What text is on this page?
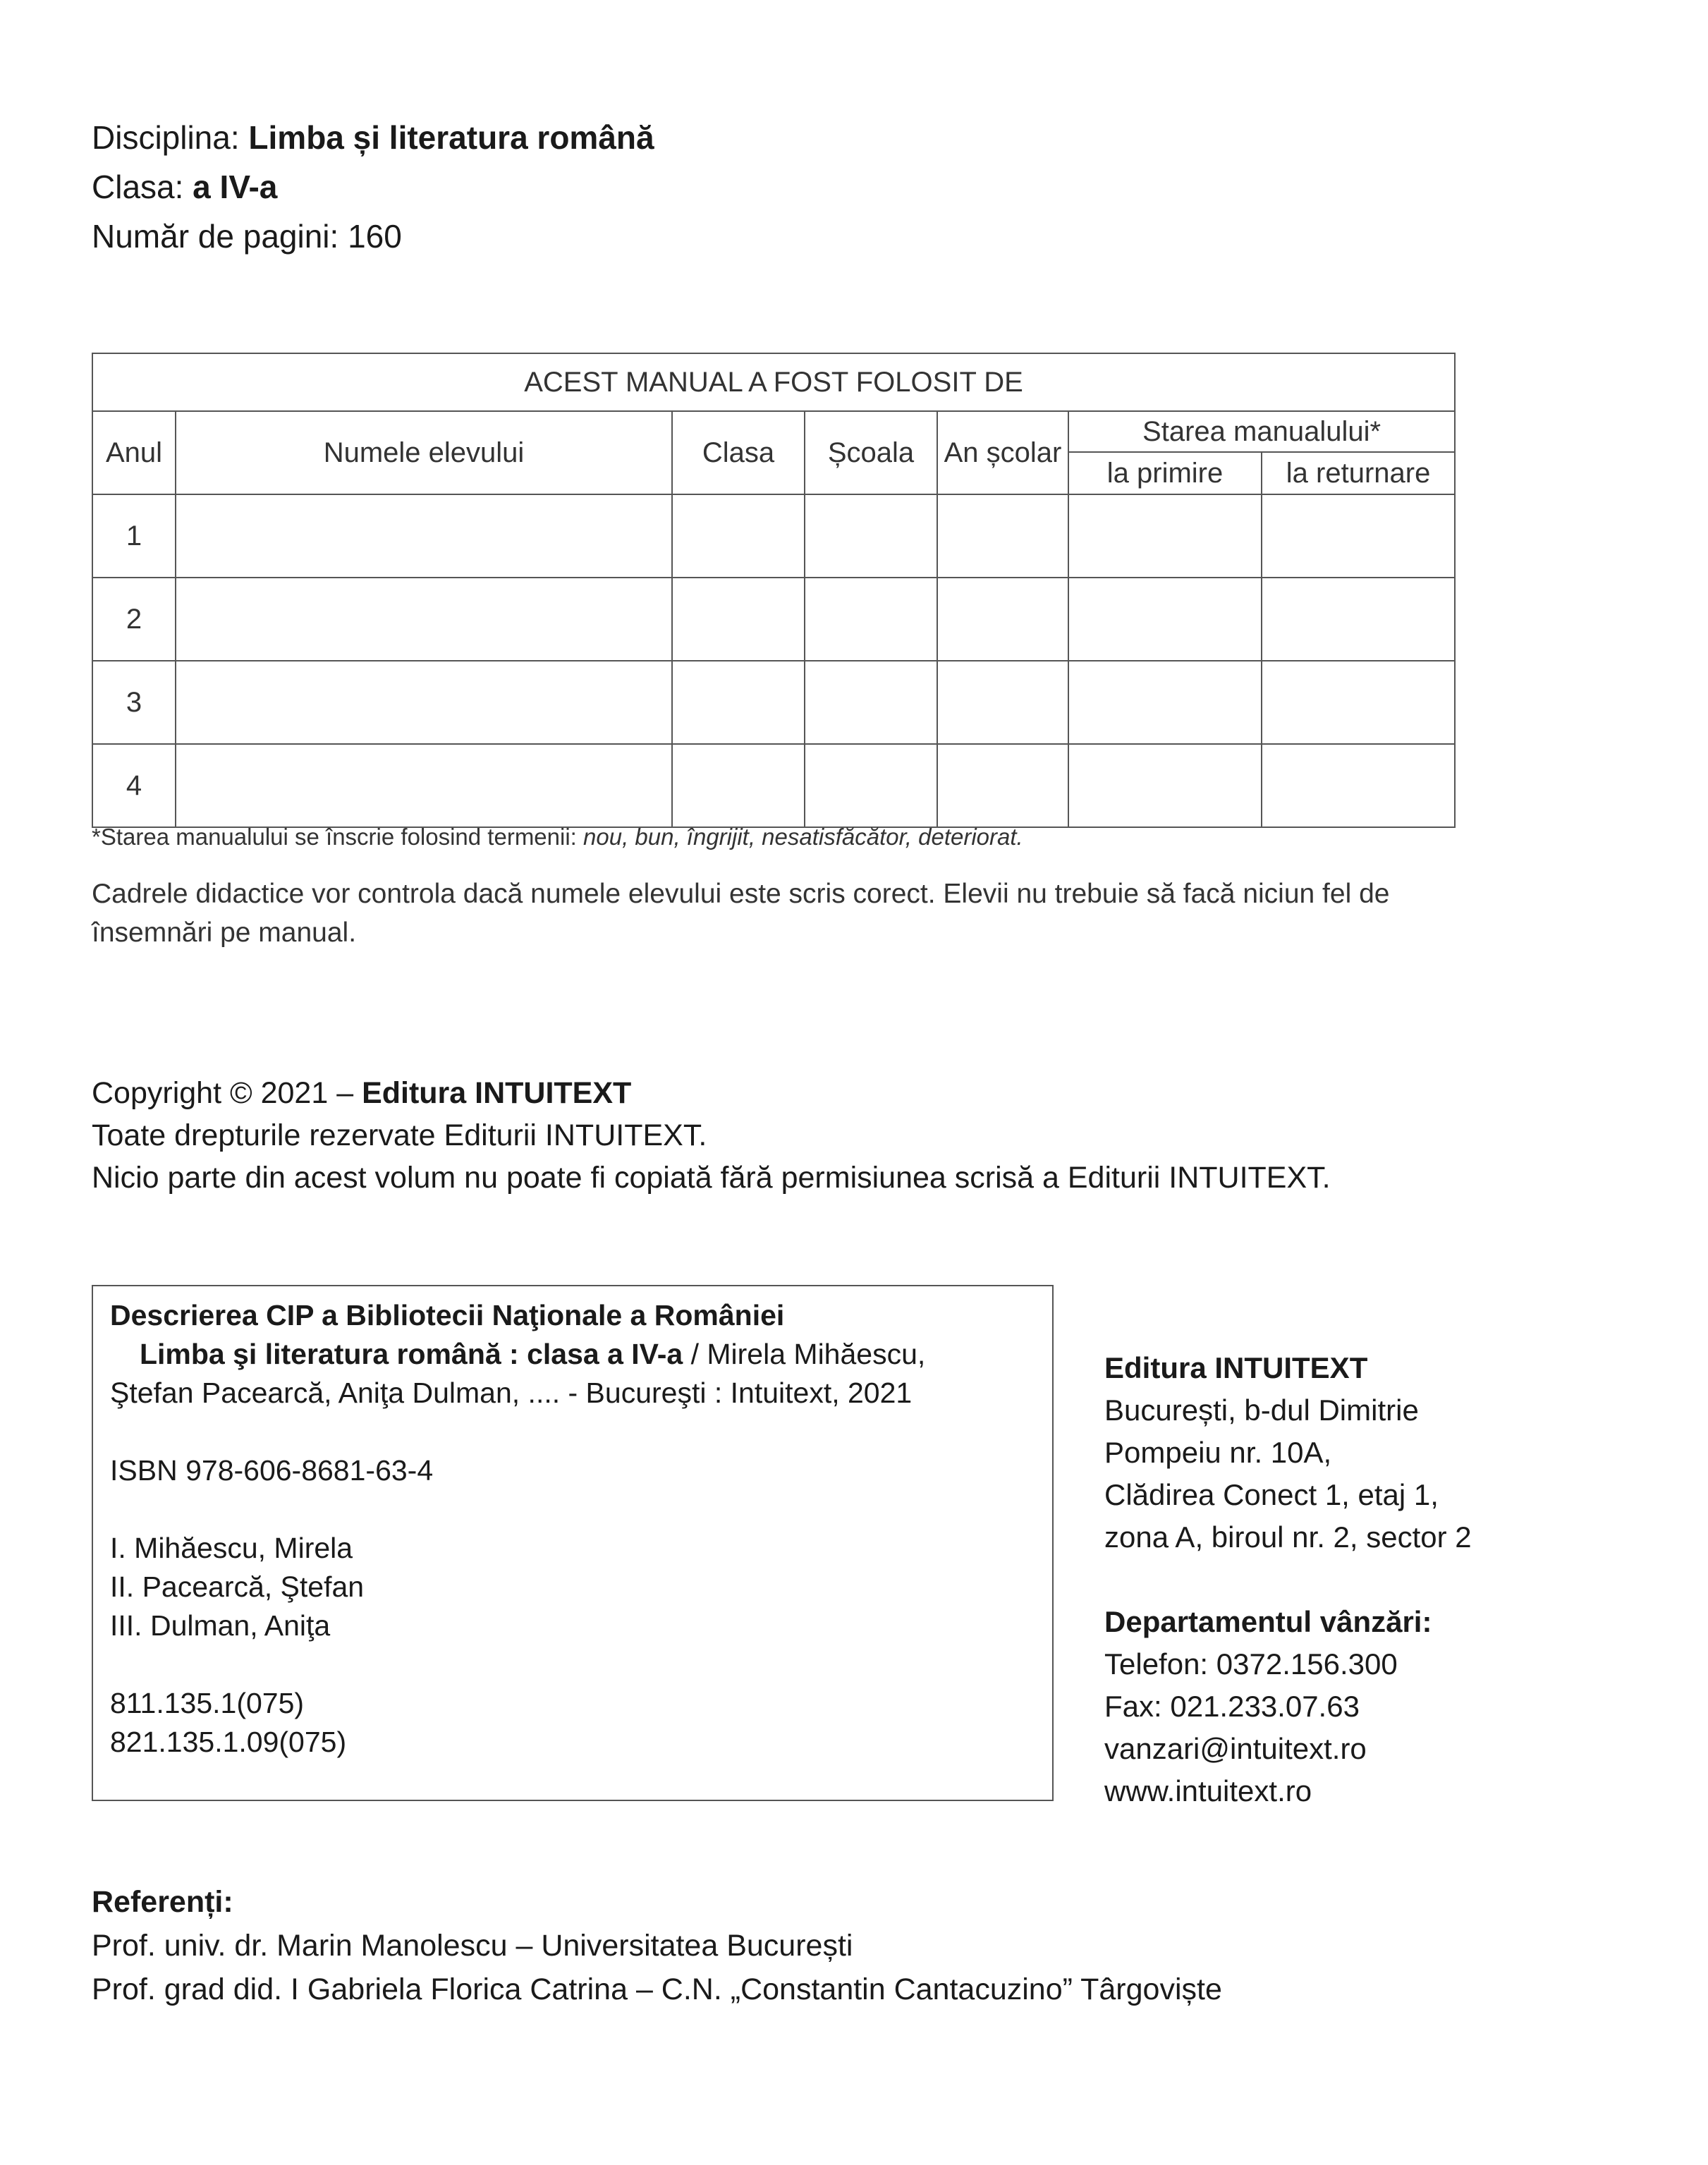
Disciplina: Limba și literatura română
Clasa: a IV-a
Număr de pagini: 160
ACEST MANUAL A FOST FOLOSIT DE						
Anul	Numele elevului	Clasa	Școala	An școlar	Starea manualului*	
					la primire	la returnare
1						
2						
3						
4						
*Starea manualului se înscrie folosind termenii: nou, bun, îngrijit, nesatisfăcător, deteriorat.
Cadrele didactice vor controla dacă numele elevului este scris corect. Elevii nu trebuie să facă niciun fel de însemnări pe manual.
Copyright © 2021 – Editura INTUITEXT
Toate drepturile rezervate Editurii INTUITEXT.
Nicio parte din acest volum nu poate fi copiată fără permisiunea scrisă a Editurii INTUITEXT.
Descrierea CIP a Bibliotecii Naţionale a României
Limba şi literatura română : clasa a IV-a / Mirela Mihăescu,
Ştefan Pacearcă, Aniţa Dulman, .... - Bucureşti : Intuitext, 2021
ISBN 978-606-8681-63-4
I. Mihăescu, Mirela
II. Pacearcă, Ştefan
III. Dulman, Aniţa
811.135.1(075)
821.135.1.09(075)
Editura INTUITEXT
București, b-dul Dimitrie
Pompeiu nr. 10A,
Clădirea Conect 1, etaj 1,
zona A, biroul nr. 2, sector 2
Departamentul vânzări:
Telefon: 0372.156.300
Fax: 021.233.07.63
vanzari@intuitext.ro
www.intuitext.ro
Referenți:
Prof. univ. dr. Marin Manolescu – Universitatea București
Prof. grad did. I Gabriela Florica Catrina – C.N. „Constantin Cantacuzino” Târgoviște
